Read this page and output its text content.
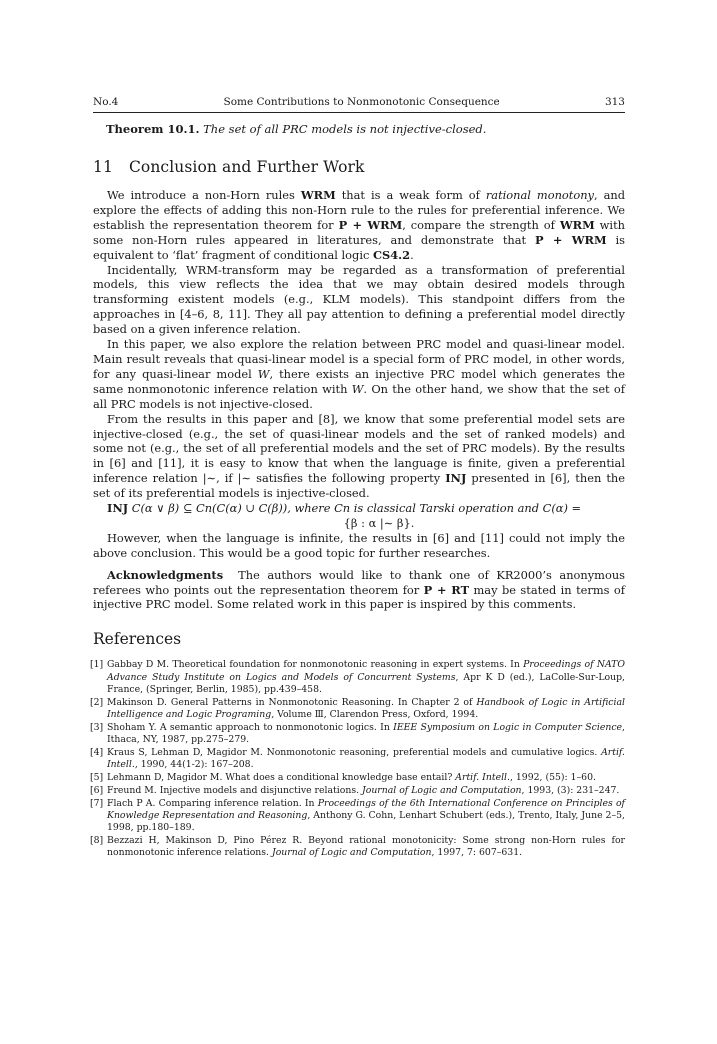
No.4	Some Contributions to Nonmonotonic Consequence	313
Theorem 10.1. The set of all PRC models is not injective-closed.
11 Conclusion and Further Work

We introduce a non-Horn rules WRM that is a weak form of rational monotony, and explore the effects of adding this non-Horn rule to the rules for preferential inference. We establish the representation theorem for P + WRM, compare the strength of WRM with some non-Horn rules appeared in literatures, and demonstrate that P + WRM is equivalent to ‘flat’ fragment of conditional logic CS4.2.

Incidentally, WRM-transform may be regarded as a transformation of preferential models, this view reflects the idea that we may obtain desired models through transforming existent models (e.g., KLM models). This standpoint differs from the approaches in [4–6, 8, 11]. They all pay attention to defining a preferential model directly based on a given inference relation.

In this paper, we also explore the relation between PRC model and quasi-linear model. Main result reveals that quasi-linear model is a special form of PRC model, in other words, for any quasi-linear model W, there exists an injective PRC model which generates the same nonmonotonic inference relation with W. On the other hand, we show that the set of all PRC models is not injective-closed.

From the results in this paper and [8], we know that some preferential model sets are injective-closed (e.g., the set of quasi-linear models and the set of ranked models) and some not (e.g., the set of all preferential models and the set of PRC models). By the results in [6] and [11], it is easy to know that when the language is finite, given a preferential inference relation |∼, if |∼ satisfies the following property INJ presented in [6], then the set of its preferential models is injective-closed.

INJ C(α ∨ β) ⊆ Cn(C(α) ∪ C(β)), where Cn is classical Tarski operation and C(α) =

{β : α |∼ β}.

However, when the language is infinite, the results in [6] and [11] could not imply the above conclusion. This would be a good topic for further researches.

Acknowledgments The authors would like to thank one of KR2000’s anonymous referees who points out the representation theorem for P + RT may be stated in terms of injective PRC model. Some related work in this paper is inspired by this comments.

References
[1] Gabbay D M. Theoretical foundation for nonmonotonic reasoning in expert systems. In Proceedings of NATO Advance Study Institute on Logics and Models of Concurrent Systems, Apr K D (ed.), LaColle-Sur-Loup, France, (Springer, Berlin, 1985), pp.439–458.
[2] Makinson D. General Patterns in Nonmonotonic Reasoning. In Chapter 2 of Handbook of Logic in Artificial Intelligence and Logic Programing, Volume Ⅲ, Clarendon Press, Oxford, 1994.
[3] Shoham Y. A semantic approach to nonmonotonic logics. In IEEE Symposium on Logic in Computer Science, Ithaca, NY, 1987, pp.275–279.
[4] Kraus S, Lehman D, Magidor M. Nonmonotonic reasoning, preferential models and cumulative logics. Artif. Intell., 1990, 44(1-2): 167–208.
[5] Lehmann D, Magidor M. What does a conditional knowledge base entail? Artif. Intell., 1992, (55): 1–60.
[6] Freund M. Injective models and disjunctive relations. Journal of Logic and Computation, 1993, (3): 231–247.
[7] Flach P A. Comparing inference relation. In Proceedings of the 6th International Conference on Principles of Knowledge Representation and Reasoning, Anthony G. Cohn, Lenhart Schubert (eds.), Trento, Italy, June 2–5, 1998, pp.180–189.
[8] Bezzazi H, Makinson D, Pino Pérez R. Beyond rational monotonicity: Some strong non-Horn rules for nonmonotonic inference relations. Journal of Logic and Computation, 1997, 7: 607–631.
